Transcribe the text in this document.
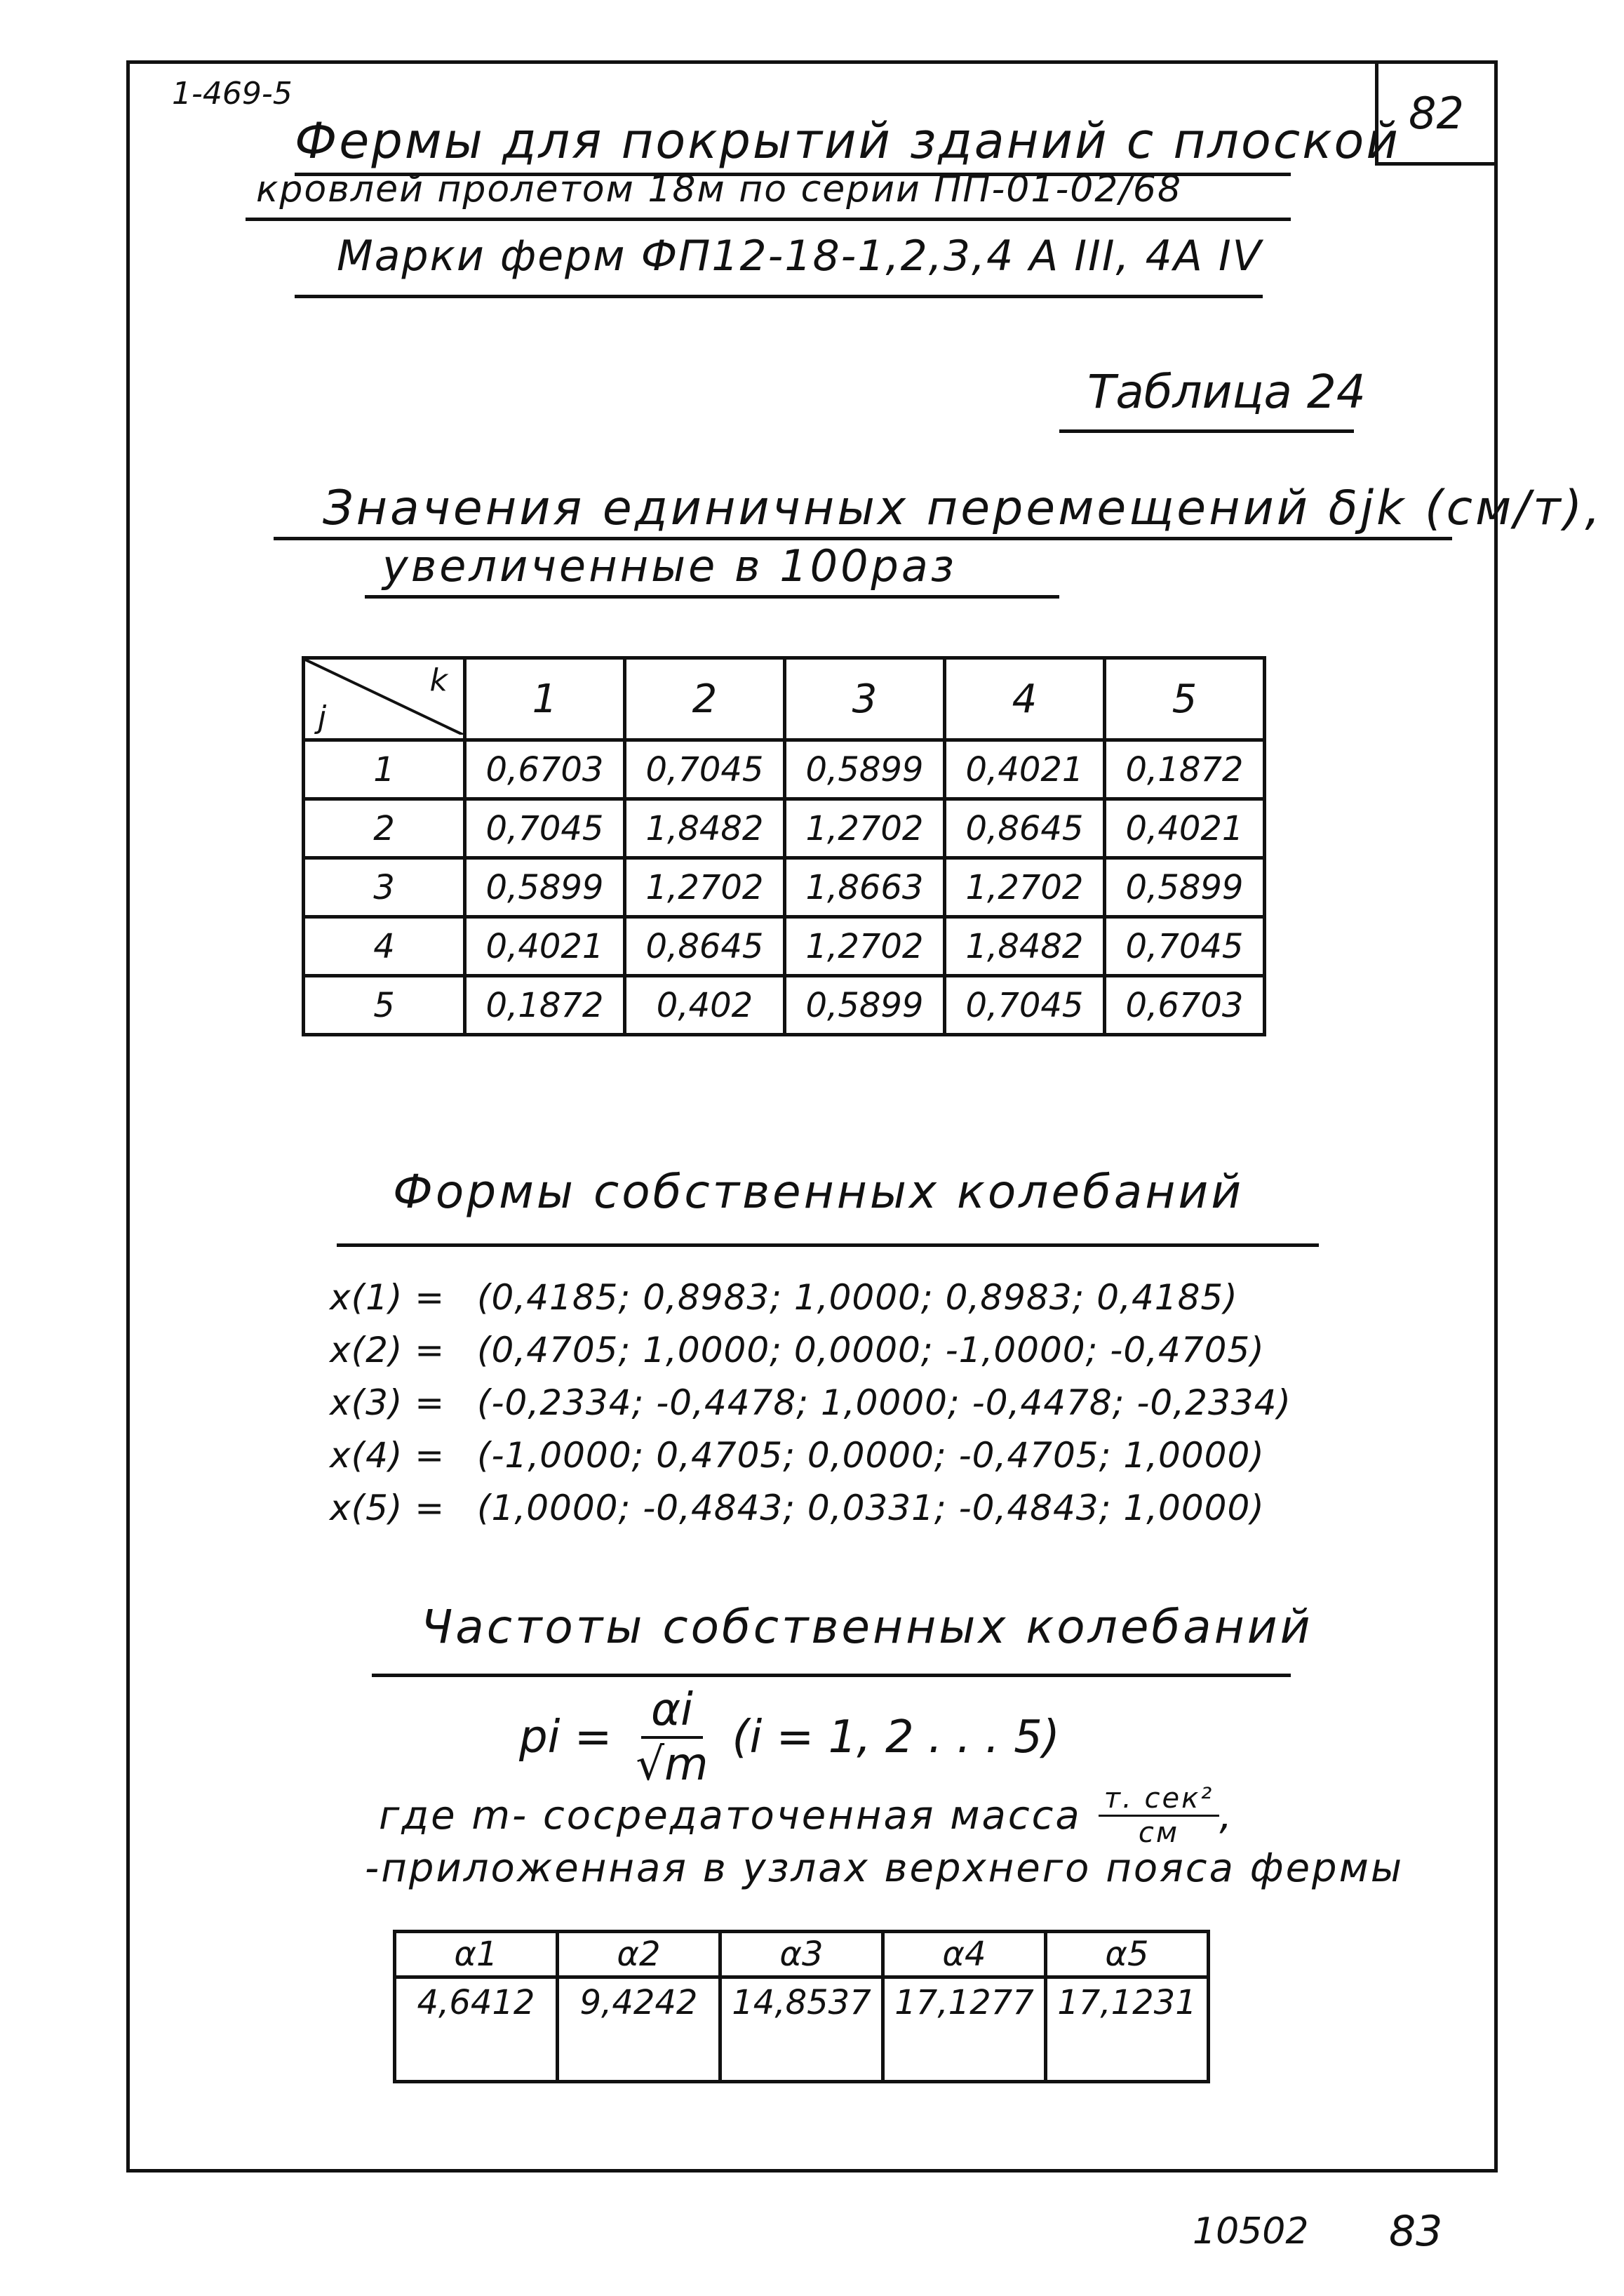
82
1-469-5
Фермы для покрытий зданий с плоской
кровлей пролетом 18м по серии ПП-01-02/68
Марки ферм ФП12-18-1,2,3,4 А III, 4А IV
Таблица 24
Значения единичных перемещений δjk (см/т),
увеличенные в 100раз
k
j	1	2	3	4	5
1	0,6703	0,7045	0,5899	0,4021	0,1872
2	0,7045	1,8482	1,2702	0,8645	0,4021
3	0,5899	1,2702	1,8663	1,2702	0,5899
4	0,4021	0,8645	1,2702	1,8482	0,7045
5	0,1872	0,402	0,5899	0,7045	0,6703
Формы собственных колебаний
x(1) = (0,4185; 0,8983; 1,0000; 0,8983; 0,4185)
x(2) = (0,4705; 1,0000; 0,0000; -1,0000; -0,4705)
x(3) = (-0,2334; -0,4478; 1,0000; -0,4478; -0,2334)
x(4) = (-1,0000; 0,4705; 0,0000; -0,4705; 1,0000)
x(5) = (1,0000; -0,4843; 0,0331; -0,4843; 1,0000)
Частоты собственных колебаний
pi = $\frac{\alpha i}{√m} (i = 1$, 2 . . . 5)
где m- сосредаточенная масса $\frac{\text{т. сек²}}{см}$ ,
-приложенная в узлах верхнего пояса фермы
α1	α2	α3	α4	α5
4,6412	9,4242	14,8537	17,1277	17,1231
10502 83
